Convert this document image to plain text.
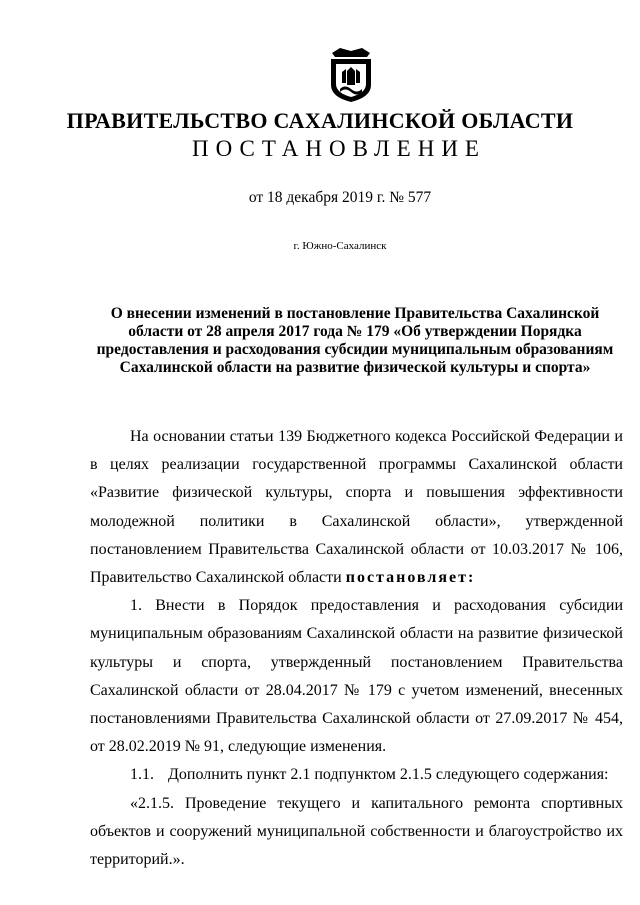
ПРАВИТЕЛЬСТВО САХАЛИНСКОЙ ОБЛАСТИ
ПОСТАНОВЛЕНИЕ
от 18 декабря 2019 г. № 577
г. Южно-Сахалинск
О внесении изменений в постановление Правительства Сахалинской области от 28 апреля 2017 года № 179 «Об утверждении Порядка предоставления и расходования субсидии муниципальным образованиям Сахалинской области на развитие физической культуры и спорта»

На основании статьи 139 Бюджетного кодекса Российской Федерации и в целях реализации государственной программы Сахалинской области «Развитие физической культуры, спорта и повышения эффективности молодежной политики в Сахалинской области», утвержденной постановлением Правительства Сахалинской области от 10.03.2017 № 106, Правительство Сахалинской области постановляет:

1. Внести в Порядок предоставления и расходования субсидии муниципальным образованиям Сахалинской области на развитие физической культуры и спорта, утвержденный постановлением Правительства Сахалинской области от 28.04.2017 № 179 с учетом изменений, внесенных постановлениями Правительства Сахалинской области от 27.09.2017 № 454, от 28.02.2019 № 91, следующие изменения.

1.1. Дополнить пункт 2.1 подпунктом 2.1.5 следующего содержания:

«2.1.5. Проведение текущего и капитального ремонта спортивных объектов и сооружений муниципальной собственности и благоустройство их территорий.».
